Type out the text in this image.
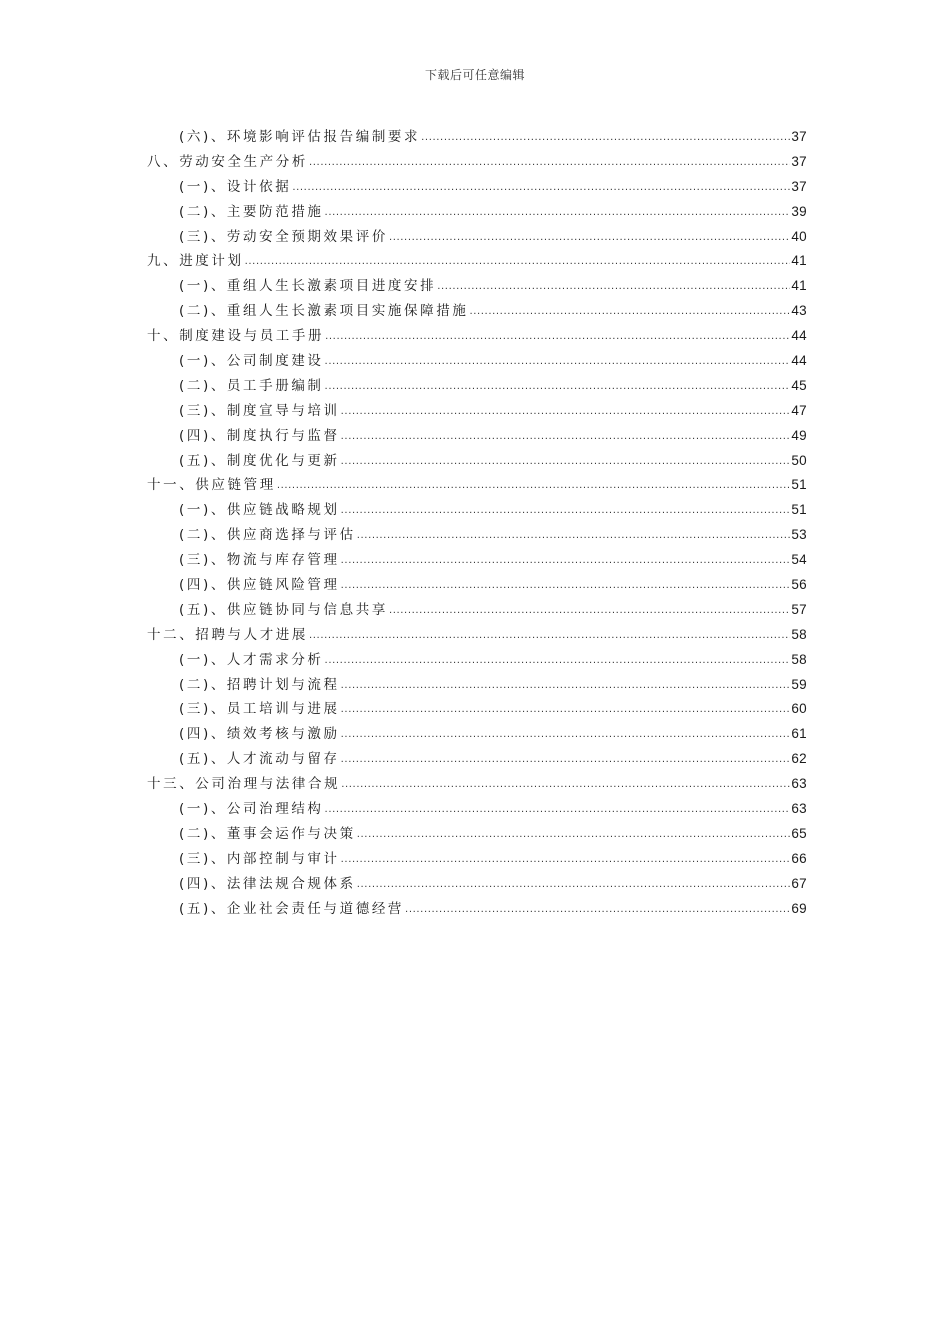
下载后可任意编辑
(六)、环境影响评估报告编制要求 .....	37
八、劳动安全生产分析 .....	37
(一)、设计依据 .....	37
(二)、主要防范措施 .....	39
(三)、劳动安全预期效果评价 .....	40
九、进度计划 .....	41
(一)、重组人生长激素项目进度安排 .....	41
(二)、重组人生长激素项目实施保障措施 .....	43
十、制度建设与员工手册 .....	44
(一)、公司制度建设 .....	44
(二)、员工手册编制 .....	45
(三)、制度宣导与培训 .....	47
(四)、制度执行与监督 .....	49
(五)、制度优化与更新 .....	50
十一、供应链管理 .....	51
(一)、供应链战略规划 .....	51
(二)、供应商选择与评估 .....	53
(三)、物流与库存管理 .....	54
(四)、供应链风险管理 .....	56
(五)、供应链协同与信息共享 .....	57
十二、招聘与人才进展 .....	58
(一)、人才需求分析 .....	58
(二)、招聘计划与流程 .....	59
(三)、员工培训与进展 .....	60
(四)、绩效考核与激励 .....	61
(五)、人才流动与留存 .....	62
十三、公司治理与法律合规 .....	63
(一)、公司治理结构 .....	63
(二)、董事会运作与决策 .....	65
(三)、内部控制与审计 .....	66
(四)、法律法规合规体系 .....	67
(五)、企业社会责任与道德经营 .....	69
